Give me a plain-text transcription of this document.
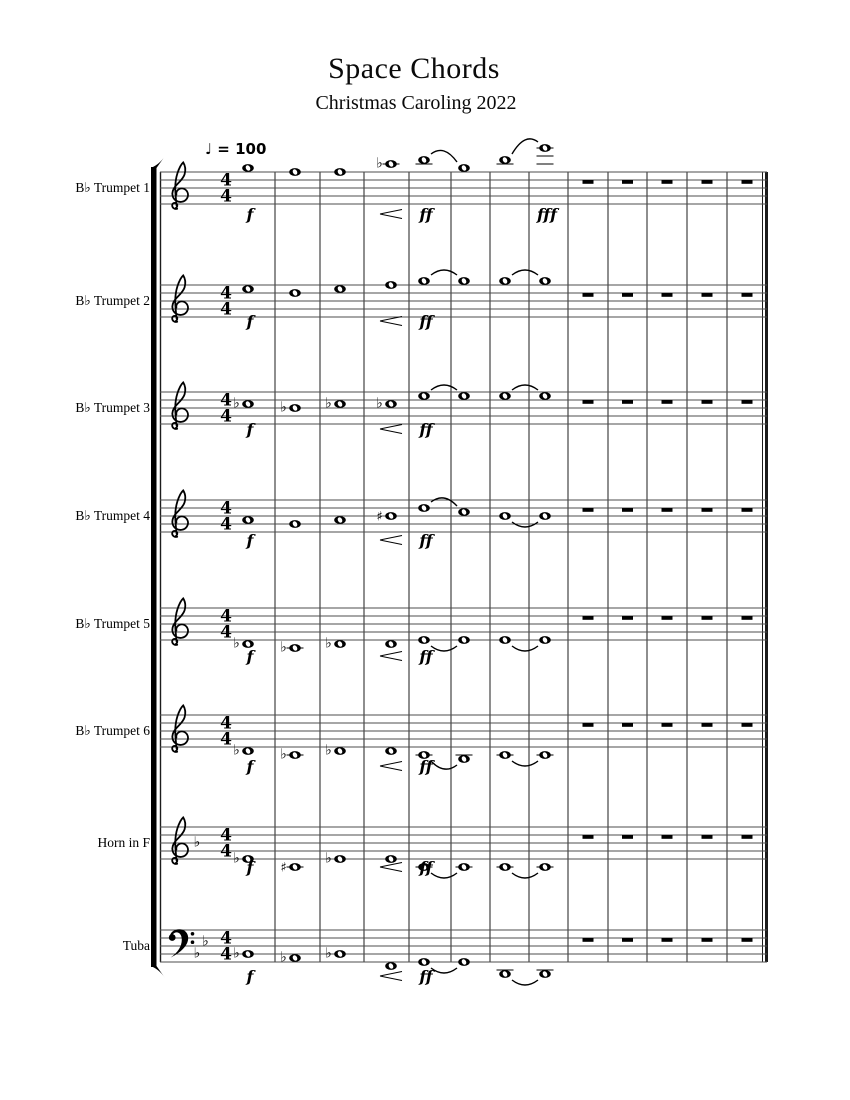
Space Chords
Christmas Caroling 2022
♩ = 100
B♭ Trumpet 1
B♭ Trumpet 2
B♭ Trumpet 3
B♭ Trumpet 4
B♭ Trumpet 5
B♭ Trumpet 6
Horn in F
Tuba
4
4
♭
f	ff	fff
4
4
f	ff
4
4
♭	♭	♭	♭
f	ff
4
4	♯
f	ff
4
4
♭	♭	♭
f	ff
4
4
♭	♭	♭
f	ff
♭ 4
4 ♭
♯
♭
f	ff
♭
♭ 4
4 ♭	♭	♭
f	ff
